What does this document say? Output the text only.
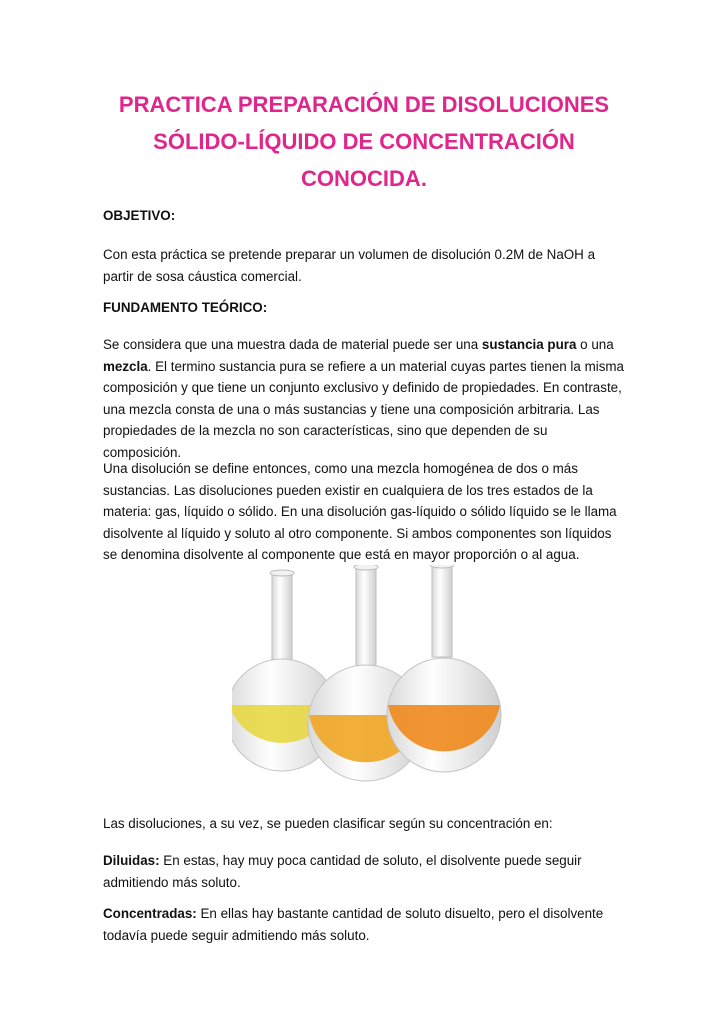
PRACTICA PREPARACIÓN DE DISOLUCIONES
SÓLIDO-LÍQUIDO DE CONCENTRACIÓN
CONOCIDA.

OBJETIVO:

Con esta práctica se pretende preparar un volumen de disolución 0.2M de NaOH a partir de sosa cáustica comercial.

FUNDAMENTO TEÓRICO:

Se considera que una muestra dada de material puede ser una sustancia pura o una mezcla. El termino sustancia pura se refiere a un material cuyas partes tienen la misma composición y que tiene un conjunto exclusivo y definido de propiedades. En contraste, una mezcla consta de una o más sustancias y tiene una composición arbitraria. Las propiedades de la mezcla no son características, sino que dependen de su composición.

Una disolución se define entonces, como una mezcla homogénea de dos o más sustancias. Las disoluciones pueden existir en cualquiera de los tres estados de la materia: gas, líquido o sólido. En una disolución gas-líquido o sólido líquido se le llama disolvente al líquido y soluto al otro componente. Si ambos componentes son líquidos se denomina disolvente al componente que está en mayor proporción o al agua.

Las disoluciones, a su vez, se pueden clasificar según su concentración en:

Diluidas: En estas, hay muy poca cantidad de soluto, el disolvente puede seguir admitiendo más soluto.

Concentradas: En ellas hay bastante cantidad de soluto disuelto, pero el disolvente todavía puede seguir admitiendo más soluto.
